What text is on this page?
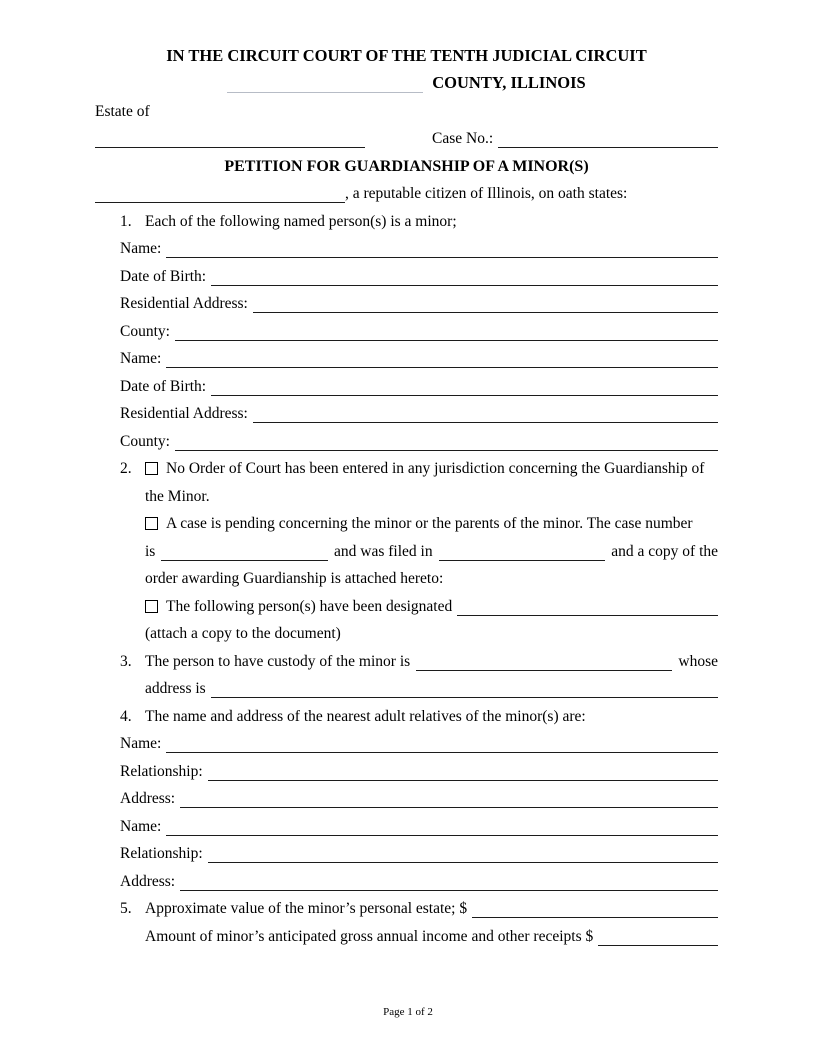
IN THE CIRCUIT COURT OF THE TENTH JUDICIAL CIRCUIT
COUNTY, ILLINOIS
Estate of
Case No.:
PETITION FOR GUARDIANSHIP OF A MINOR(S)
, a reputable citizen of Illinois, on oath states:
1. Each of the following named person(s) is a minor;
Name:
Date of Birth:
Residential Address:
County:
Name:
Date of Birth:
Residential Address:
County:
2.	No Order of Court has been entered in any jurisdiction concerning the Guardianship of
the Minor.
A case is pending concerning the minor or the parents of the minor. The case number
is	and was filed in	and a copy of the
order awarding Guardianship is attached hereto:
The following person(s) have been designated
(attach a copy to the document)
3. The person to have custody of the minor is	whose
address is
4. The name and address of the nearest adult relatives of the minor(s) are:
Name:
Relationship:
Address:
Name:
Relationship:
Address:
5. Approximate value of the minor’s personal estate; $
Amount of minor’s anticipated gross annual income and other receipts $
Page 1 of 2
